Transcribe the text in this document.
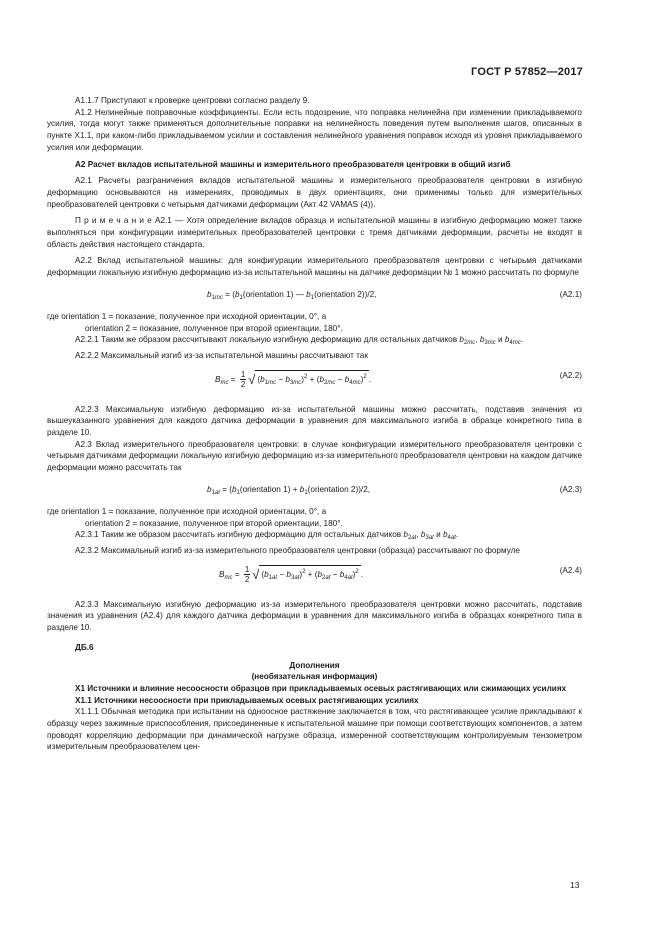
ГОСТ Р 57852—2017

А1.1.7 Приступают к проверке центровки согласно разделу 9.

А1.2 Нелинейные поправочные коэффициенты. Если есть подозрение, что поправка нелинейна при изменении прикладываемого усилия, тогда могут также применяться дополнительные поправки на нелинейность поведения путем выполнения шагов, описанных в пункте Х1.1, при каком-либо прикладываемом усилии и составления нелинейного уравнения поправок исходя из уровня прикладываемого усилия или деформации.

А2 Расчет вкладов испытательной машины и измерительного преобразователя центровки в общий изгиб

А2.1 Расчеты разграничения вкладов испытательной машины и измерительного преобразователя центровки в изгибную деформацию основываются на измерениях, проводимых в двух ориентациях, они применимы только для измерительных преобразователей центровки с четырьмя датчиками деформации (Акт 42 VAMAS (4)).

П р и м е ч а н и е А2.1 — Хотя определение вкладов образца и испытательной машины в изгибную деформацию может также выполняться при конфигурации измерительных преобразователей центровки с тремя датчиками деформации, расчеты не входят в область действия настоящего стандарта.

А2.2 Вклад испытательной машины: для конфигурации измерительного преобразователя центровки с четырьмя датчиками деформации локальную изгибную деформацию из-за испытательной машины на датчике деформации № 1 можно рассчитать по формуле

$b_{1mc}$ = ($b_1(orientation$ 1) — $b_1(orientation$ 2))/2,	(А2.1)

где orientation 1 = показание, полученное при исходной ориентации, 0°, а

orientation 2 = показание, полученное при второй ориентации, 180°.

А2.2.1 Таким же образом рассчитывают локальную изгибную деформацию для остальных датчиков $b_{2mc}$, $b_{3mc}$ и $b_{4mc}$.

А2.2.2 Максимальный изгиб из-за испытательной машины рассчитывают так

$B_{mc} = \frac{1}{2}$ √ $(b_{1mc} - b_{3mc})^2 + (b_{2mc} - b_{4mc})^2$ .	(А2.2)

А2.2.3 Максимальную изгибную деформацию из-за испытательной машины можно рассчитать, подставив значения из вышеуказанного уравнения для каждого датчика деформации в уравнения для максимального изгиба в образце конкретного типа в разделе 10.

А2.3 Вклад измерительного преобразователя центровки: в случае конфигурации измерительного преобразователя центровки с четырьмя датчиками деформации локальную изгибную деформацию из-за измерительного преобразователя центровки на каждом датчике деформации можно рассчитать так

$b_{1at}$ = ($b_1(orientation$ $1) + b_1(orientation$ 2))/2,	(А2.3)

где orientation 1 = показание, полученное при исходной ориентации, 0°, а

orientation 2 = показание, полученное при второй ориентации, 180°.

А2.3.1 Таким же образом рассчитать изгибную деформацию для остальных датчиков $b_{2at}$, $b_{3at}$ и $b_{4at}$.

А2.3.2 Максимальный изгиб из-за измерительного преобразователя центровки (образца) рассчитывают по формуле

$B_{mc} = \frac{1}{2}$ √ $(b_{1at} - b_{3at})^2 + (b_{2at} - b_{4at})^2$ .	(А2.4)

А2.3.3 Максимальную изгибную деформацию из-за измерительного преобразователя центровки можно рассчитать, подставив значения из уравнения (А2.4) для каждого датчика деформации в уравнения для максимального изгиба в образцах конкретного типа в разделе 10.

ДБ.6

Дополнения

(необязательная информация)

Х1 Источники и влияние несоосности образцов при прикладываемых осевых растягивающих или сжимающих усилиях

Х1.1 Источники несоосности при прикладываемых осевых растягивающих усилиях

Х1.1.1 Обычная методика при испытании на одноосное растяжение заключается в том, что растягивающее усилие прикладывают к образцу через зажимные приспособления, присоединенные к испытательной машине при помощи соответствующих компонентов, а затем проводят корреляцию деформации при динамической нагрузке образца, измеренной соответствующим контролируемым тензометром измерительным преобразователем цен-

13
